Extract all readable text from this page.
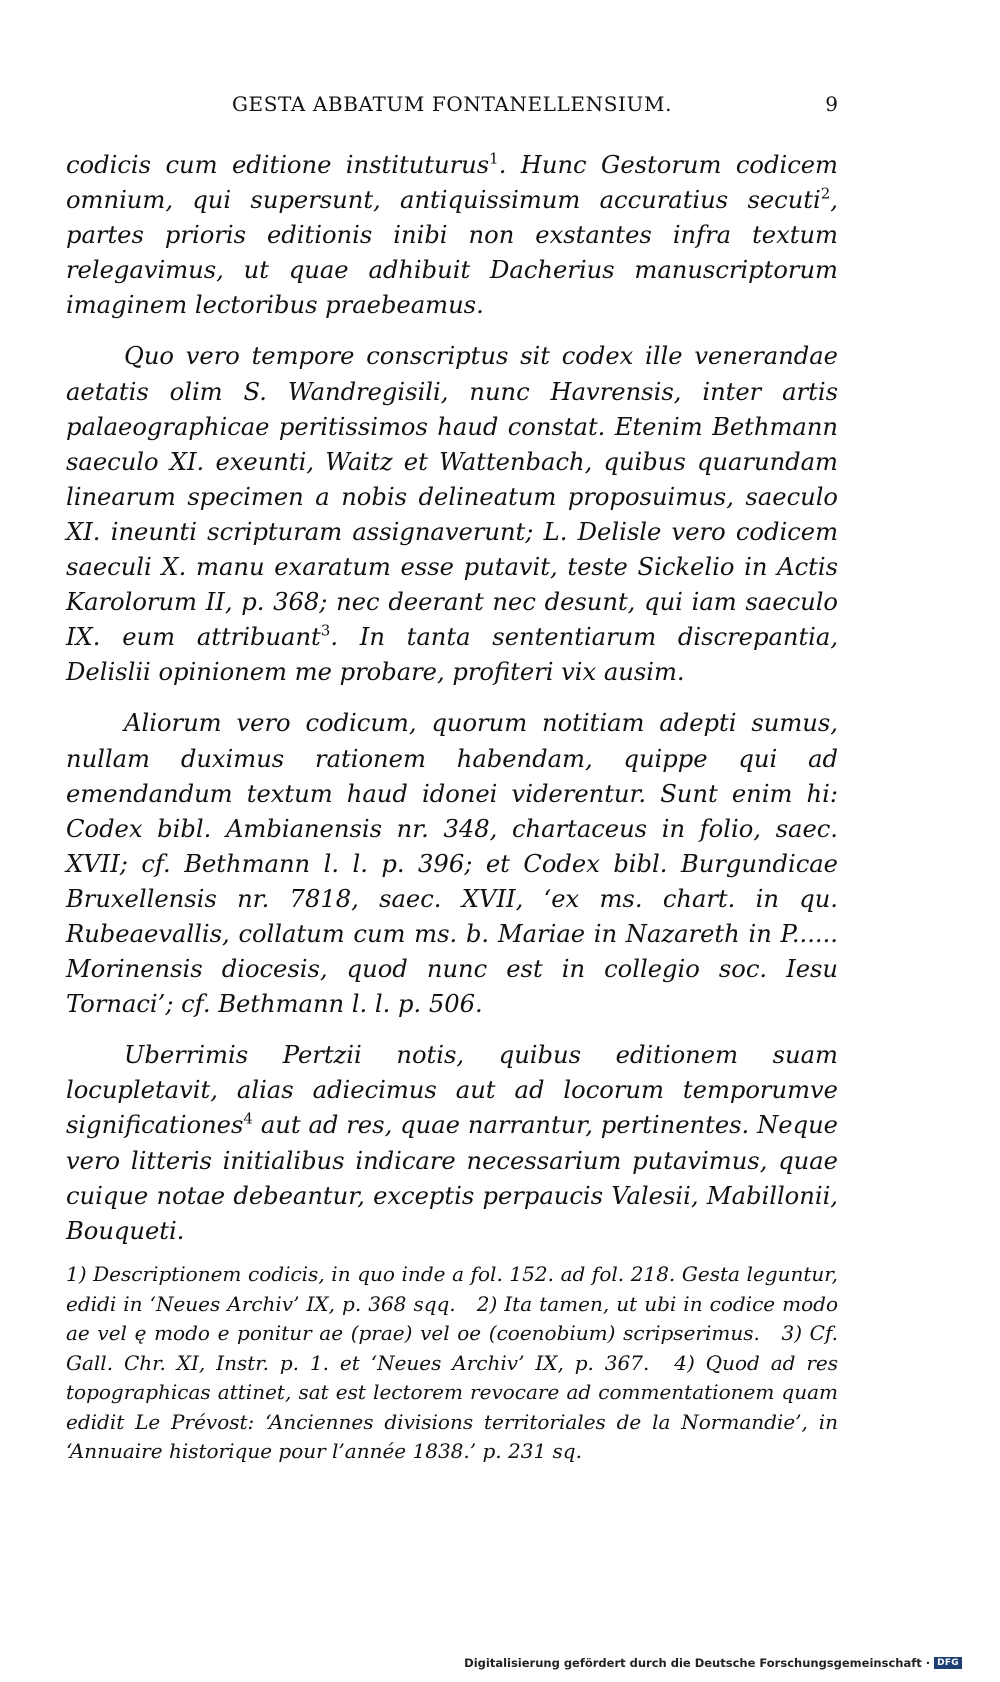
GESTA ABBATUM FONTANELLENSIUM.	9

codicis cum editione instituturus$^1$. Hunc Gestorum codicem omnium, qui supersunt, antiquissimum accuratius secuti$^2$, partes prioris editionis inibi non exstantes infra textum relegavimus, ut quae adhibuit Dacherius manuscriptorum imaginem lectoribus praebeamus.

Quo vero tempore conscriptus sit codex ille venerandae aetatis olim S. Wandregisili, nunc Havrensis, inter artis palaeographicae peritissimos haud constat. Etenim Bethmann saeculo XI. exeunti, Waitz et Wattenbach, quibus quarundam linearum specimen a nobis delineatum proposuimus, saeculo XI. ineunti scripturam assignaverunt; L. Delisle vero codicem saeculi X. manu exaratum esse putavit, teste Sickelio in Actis Karolorum II, p. 368; nec deerant nec desunt, qui iam saeculo IX. eum attribuant$^3$. In tanta sententiarum discrepantia, Delislii opinionem me probare, profiteri vix ausim.

Aliorum vero codicum, quorum notitiam adepti sumus, nullam duximus rationem habendam, quippe qui ad emendandum textum haud idonei viderentur. Sunt enim hi: Codex bibl. Ambianensis nr. 348, chartaceus in folio, saec. XVII; cf. Bethmann l. l. p. 396; et Codex bibl. Burgundicae Bruxellensis nr. 7818, saec. XVII, ‘ex ms. chart. in qu. Rubeaevallis, collatum cum ms. b. Mariae in Nazareth in P...... Morinensis diocesis, quod nunc est in collegio soc. Iesu Tornaci’; cf. Bethmann l. l. p. 506.

Uberrimis Pertzii notis, quibus editionem suam locupletavit, alias adiecimus aut ad locorum temporumve significationes$^4$ aut ad res, quae narrantur, pertinentes. Neque vero litteris initialibus indicare necessarium putavimus, quae cuique notae debeantur, exceptis perpaucis Valesii, Mabillonii, Bouqueti.

1) Descriptionem codicis, in quo inde a fol. 152. ad fol. 218. Gesta leguntur, edidi in ‘Neues Archiv’ IX, p. 368 sqq. 2) Ita tamen, ut ubi in codice modo ae vel ę modo e ponitur ae (prae) vel oe (coenobium) scripserimus. 3) Cf. Gall. Chr. XI, Instr. p. 1. et ‘Neues Archiv’ IX, p. 367. 4) Quod ad res topographicas attinet, sat est lectorem revocare ad commentationem quam edidit Le Prévost: ‘Anciennes divisions territoriales de la Normandie’, in ‘Annuaire historique pour l’année 1838.’ p. 231 sq.

Digitalisierung gefördert durch die Deutsche Forschungsgemeinschaft · DFG
